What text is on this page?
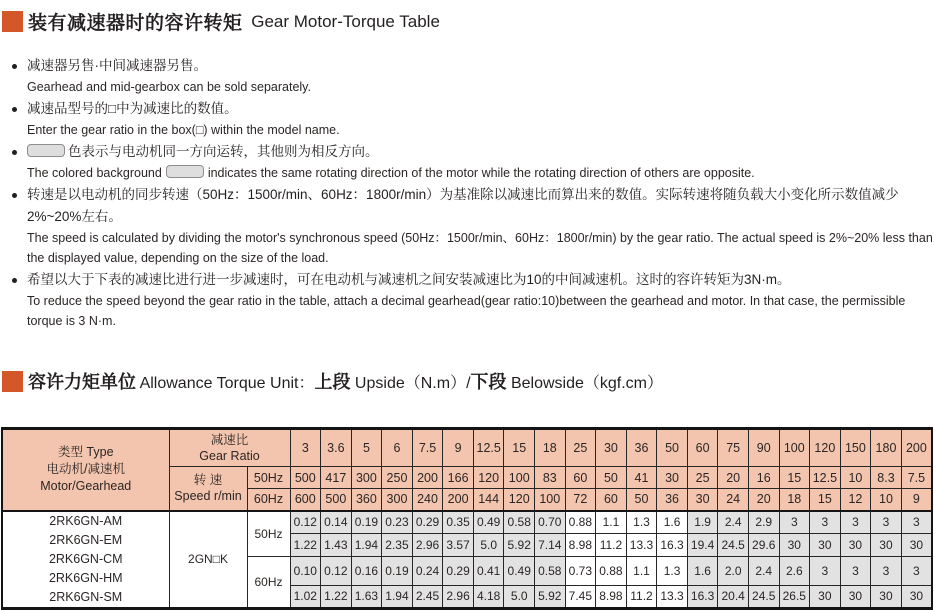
装有减速器时的容许转矩 Gear Motor-Torque Table
减速器另售·中间减速器另售。
Gearhead and mid-gearbox can be sold separately.
减速品型号的□中为减速比的数值。
Enter the gear ratio in the box(□) within the model name.
色表示与电动机同一方向运转，其他则为相反方向。
The colored background	indicates the same rotating direction of the motor while the rotating direction of others are opposite.
转速是以电动机的同步转速（50Hz：1500r/min、60Hz：1800r/min）为基准除以减速比而算出来的数值。实际转速将随负载大小变化所示数值减少2%~20%左右。
The speed is calculated by dividing the motor's synchronous speed (50Hz：1500r/min、60Hz：1800r/min) by the gear ratio. The actual speed is 2%~20% less than the displayed value, depending on the size of the load.
希望以大于下表的减速比进行进一步减速时，可在电动机与减速机之间安装减速比为10的中间减速机。这时的容许转矩为3N·m。
To reduce the speed beyond the gear ratio in the table, attach a decimal gearhead(gear ratio:10)between the gearhead and motor. In that case, the permissible torque is 3 N·m.
容许力矩单位 Allowance Torque Unit： 上段 Upside（N.m）/ 下段 Belowside（kgf.cm）
类型 Type
电动机/减速机
Motor/Gearhead

减速比
Gear Ratio
	3	3.6	5	6	7.5	9	12.5	15	18	25	30	36	50	60	75	90	100	120	150	180	200

	转 速
Speed r/min	50Hz	500	417	300	250	200	166	120	100	83	60	50	41	30	25	20	16	15	12.5	10	8.3	7.5
		60Hz	600	500	360	300	240	200	144	120	100	72	60	50	36	30	24	20	18	15	12	10	9

2RK6GN-AM
2RK6GN-EM
2RK6GN-CM
2RK6GN-HM
2RK6GN-SM	2GN□K	50Hz	0.12	0.14	0.19	0.23	0.29	0.35	0.49	0.58	0.70	0.88	1.1	1.3	1.6	1.9	2.4	2.9	3	3	3	3	3
			1.22	1.43	1.94	2.35	2.96	3.57	5.0	5.92	7.14	8.98	11.2	13.3	16.3	19.4	24.5	29.6	30	30	30	30	30
		60Hz	0.10	0.12	0.16	0.19	0.24	0.29	0.41	0.49	0.58	0.73	0.88	1.1	1.3	1.6	2.0	2.4	2.6	3	3	3	3
			1.02	1.22	1.63	1.94	2.45	2.96	4.18	5.0	5.92	7.45	8.98	11.2	13.3	16.3	20.4	24.5	26.5	30	30	30	30
